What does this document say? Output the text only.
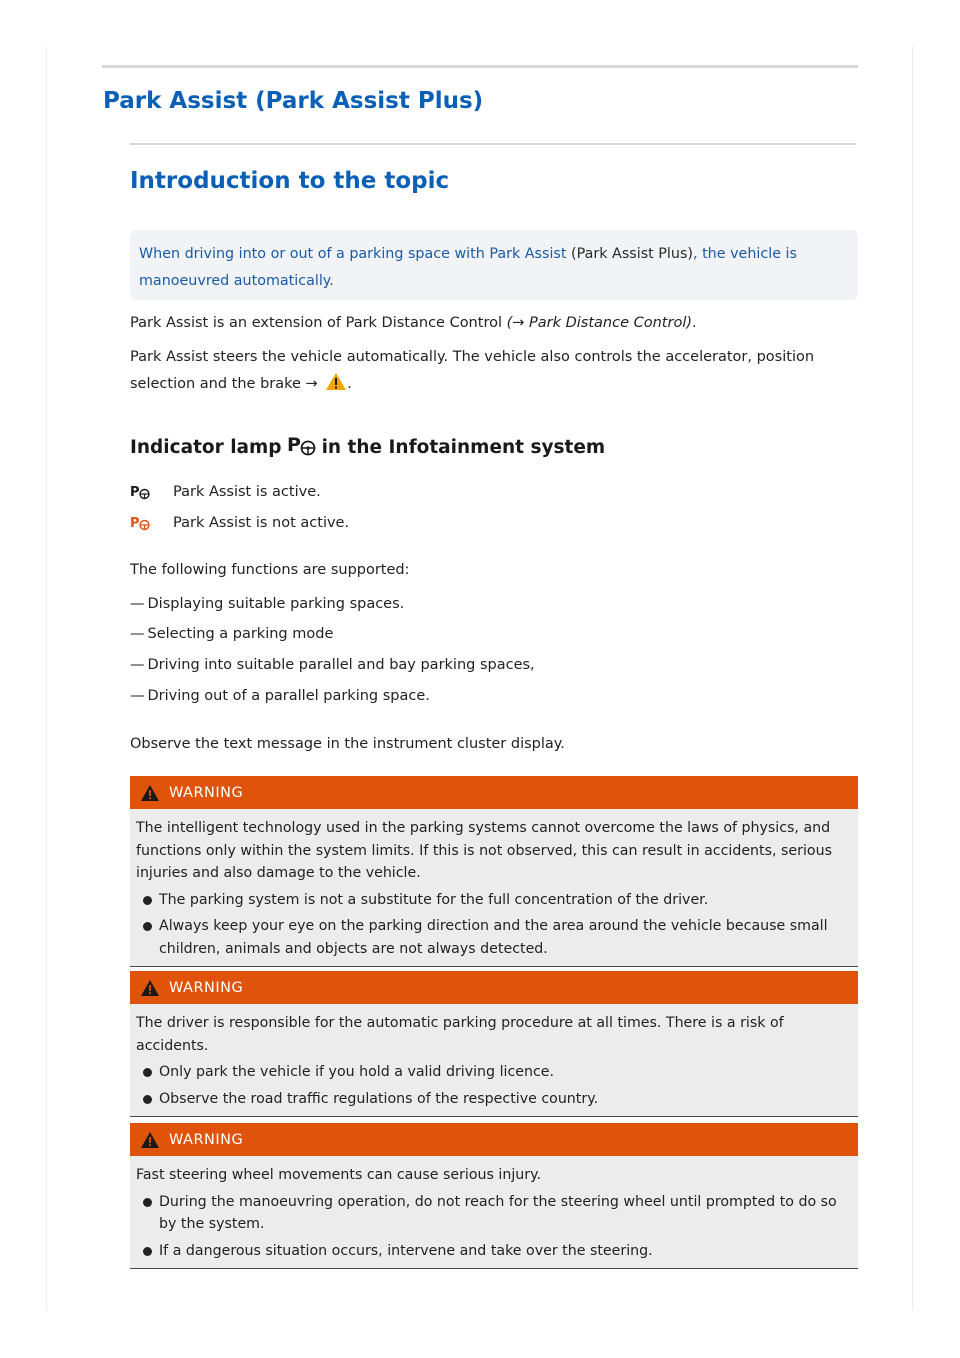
Park Assist (Park Assist Plus)
Introduction to the topic
When driving into or out of a parking space with Park Assist (Park Assist Plus), the vehicle is manoeuvred automatically.

Park Assist is an extension of Park Distance Control (→ Park Distance Control).

Park Assist steers the vehicle automatically. The vehicle also controls the accelerator, position
selection and the brake → .

Indicator lamp P in the Infotainment system
P Park Assist is active.
P Park Assist is not active.

The following functions are supported:

— Displaying suitable parking spaces.
— Selecting a parking mode
— Driving into suitable parallel and bay parking spaces,
— Driving out of a parallel parking space.

Observe the text message in the instrument cluster display.

WARNING
The intelligent technology used in the parking systems cannot overcome the laws of physics, and functions only within the system limits. If this is not observed, this can result in accidents, serious injuries and also damage to the vehicle.
The parking system is not a substitute for the full concentration of the driver.
Always keep your eye on the parking direction and the area around the vehicle because small children, animals and objects are not always detected.
WARNING
The driver is responsible for the automatic parking procedure at all times. There is a risk of accidents.
Only park the vehicle if you hold a valid driving licence.
Observe the road traffic regulations of the respective country.
WARNING
Fast steering wheel movements can cause serious injury.
During the manoeuvring operation, do not reach for the steering wheel until prompted to do so by the system.
If a dangerous situation occurs, intervene and take over the steering.
